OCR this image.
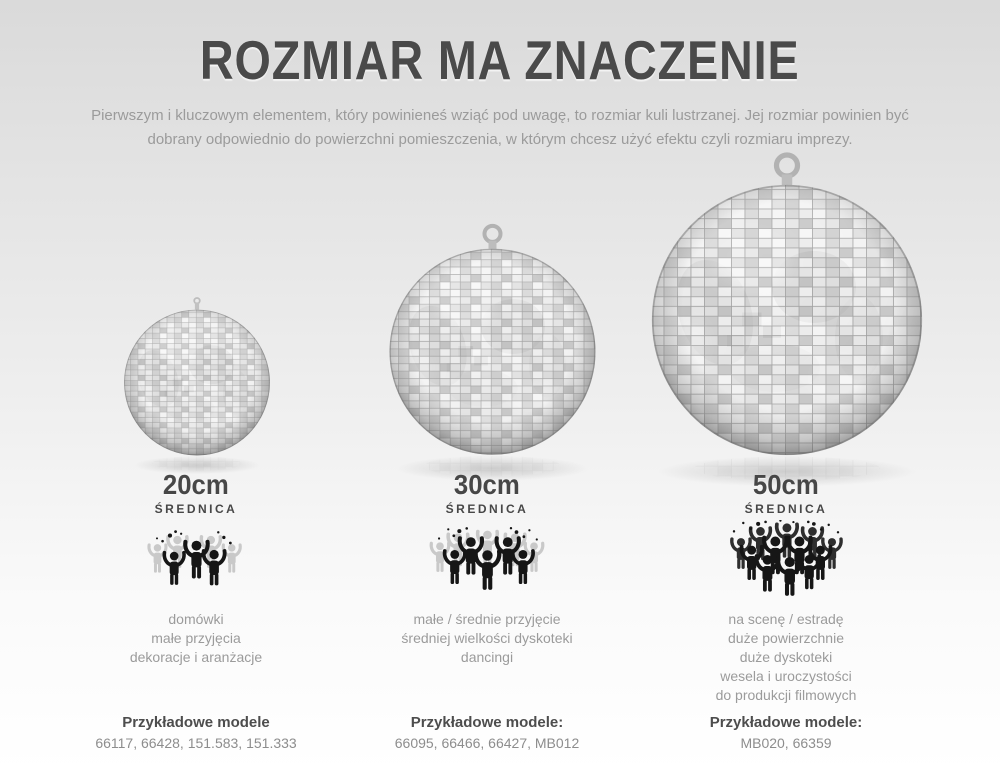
ROZMIAR MA ZNACZENIE
Pierwszym i kluczowym elementem, który powinieneś wziąć pod uwagę, to rozmiar kuli lustrzanej. Jej rozmiar powinien być
dobrany odpowiednio do powierzchni pomieszczenia, w którym chcesz użyć efektu czyli rozmiaru imprezy.
20cm
ŚREDNICA
domówki
małe przyjęcia
dekoracje i aranżacje
Przykładowe modele
66117, 66428, 151.583, 151.333
30cm
ŚREDNICA
małe / średnie przyjęcie
średniej wielkości dyskoteki
dancingi
Przykładowe modele:
66095, 66466, 66427, MB012
50cm
ŚREDNICA
na scenę / estradę
duże powierzchnie
duże dyskoteki
wesela i uroczystości
do produkcji filmowych
Przykładowe modele:
MB020, 66359
